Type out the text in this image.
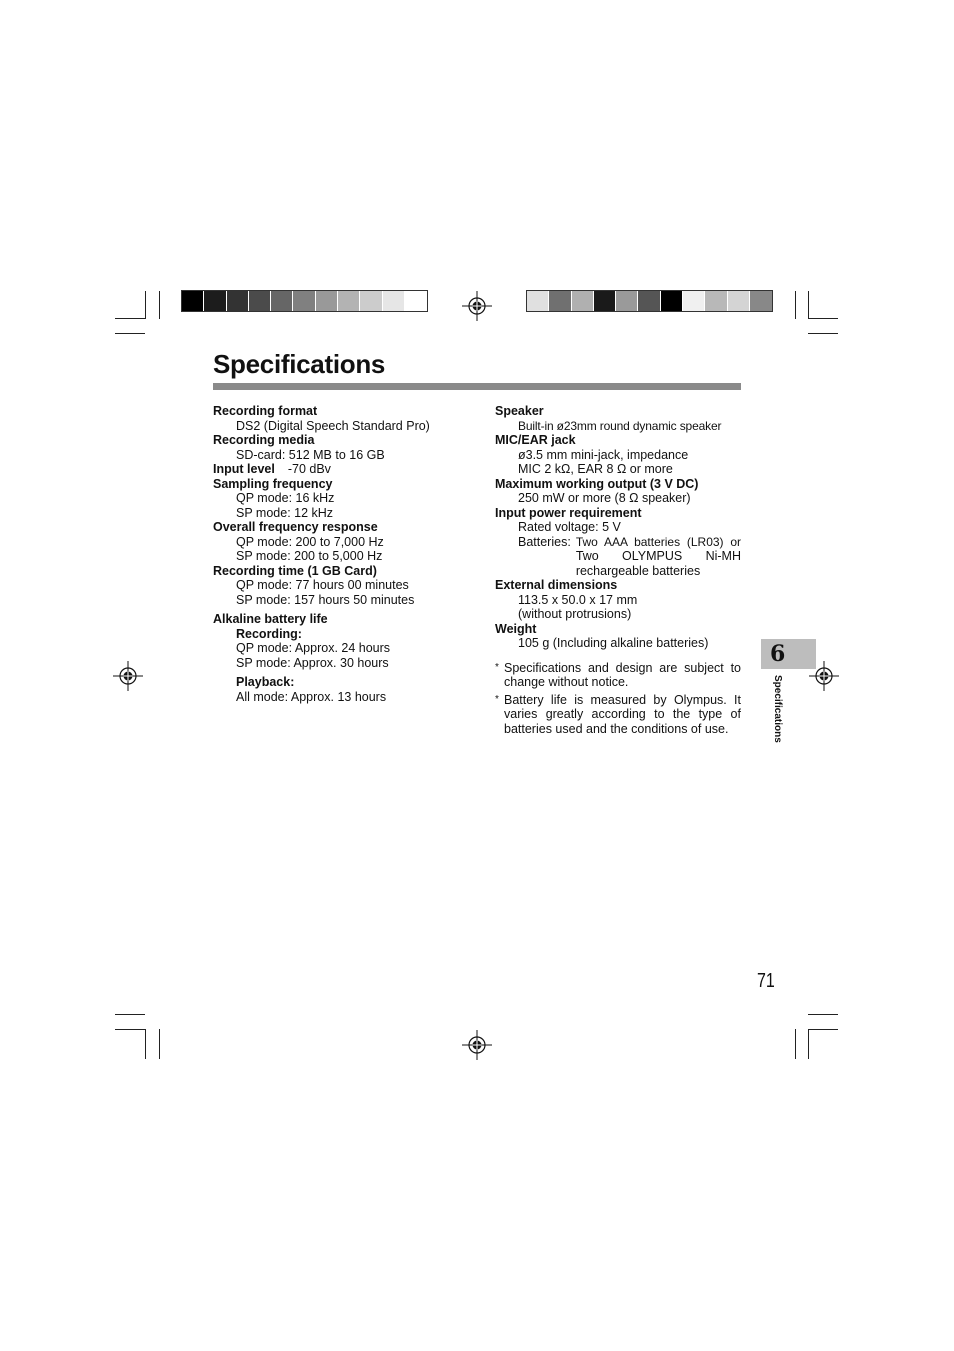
6
Specifications
Specifications
Recording format
DS2 (Digital Speech Standard Pro)
Recording media
SD-card: 512 MB to 16 GB
Input level -70 dBv
Sampling frequency
QP mode: 16 kHz
SP mode: 12 kHz
Overall frequency response
QP mode: 200 to 7,000 Hz
SP mode: 200 to 5,000 Hz
Recording time (1 GB Card)
QP mode: 77 hours 00 minutes
SP mode: 157 hours 50 minutes
Alkaline battery life
Recording:
QP mode: Approx. 24 hours
SP mode: Approx. 30 hours
Playback:
All mode: Approx. 13 hours
Speaker
Built-in ø23mm round dynamic speaker
MIC/EAR jack
ø3.5 mm mini-jack, impedance
MIC 2 kΩ, EAR 8 Ω or more
Maximum working output (3 V DC)
250 mW or more (8 Ω speaker)
Input power requirement
Rated voltage: 5 V
Batteries: Two AAA batteries (LR03) or
Two OLYMPUS Ni-MH
rechargeable batteries
External dimensions
113.5 x 50.0 x 17 mm
(without protrusions)
Weight
105 g (Including alkaline batteries)
* Specifications and design are subject to
change without notice.
* Battery life is measured by Olympus. It
varies greatly according to the type of
batteries used and the conditions of use.
71
